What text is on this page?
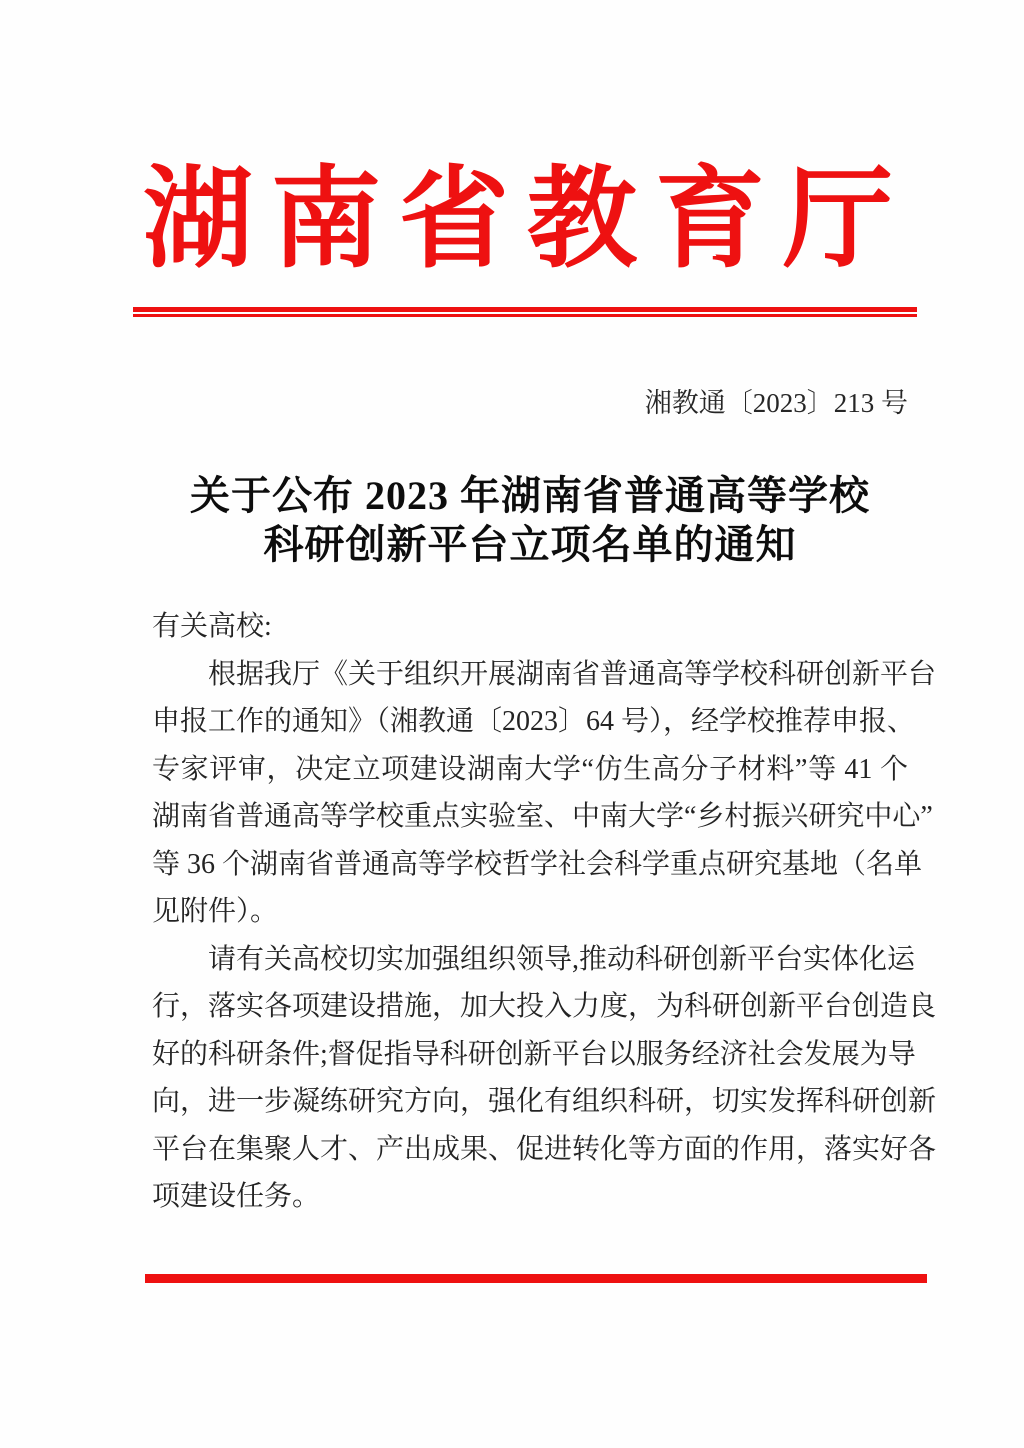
湖 南 省 教 育 厅
湘教通〔2023〕213 号
关于公布 2023 年湖南省普通高等学校
科研创新平台立项名单的通知
有关高校:
根据我厅《关于组织开展湖南省普通高等学校科研创新平台
申报工作的通知》（湘教通〔2023〕64 号），经学校推荐申报、
专家评审，决定立项建设湖南大学“仿生高分子材料”等 41 个
湖南省普通高等学校重点实验室、中南大学“乡村振兴研究中心”
等 36 个湖南省普通高等学校哲学社会科学重点研究基地（名单
见附件）。
请有关高校切实加强组织领导,推动科研创新平台实体化运
行，落实各项建设措施，加大投入力度，为科研创新平台创造良
好的科研条件;督促指导科研创新平台以服务经济社会发展为导
向，进一步凝练研究方向，强化有组织科研，切实发挥科研创新
平台在集聚人才、产出成果、促进转化等方面的作用，落实好各
项建设任务。
